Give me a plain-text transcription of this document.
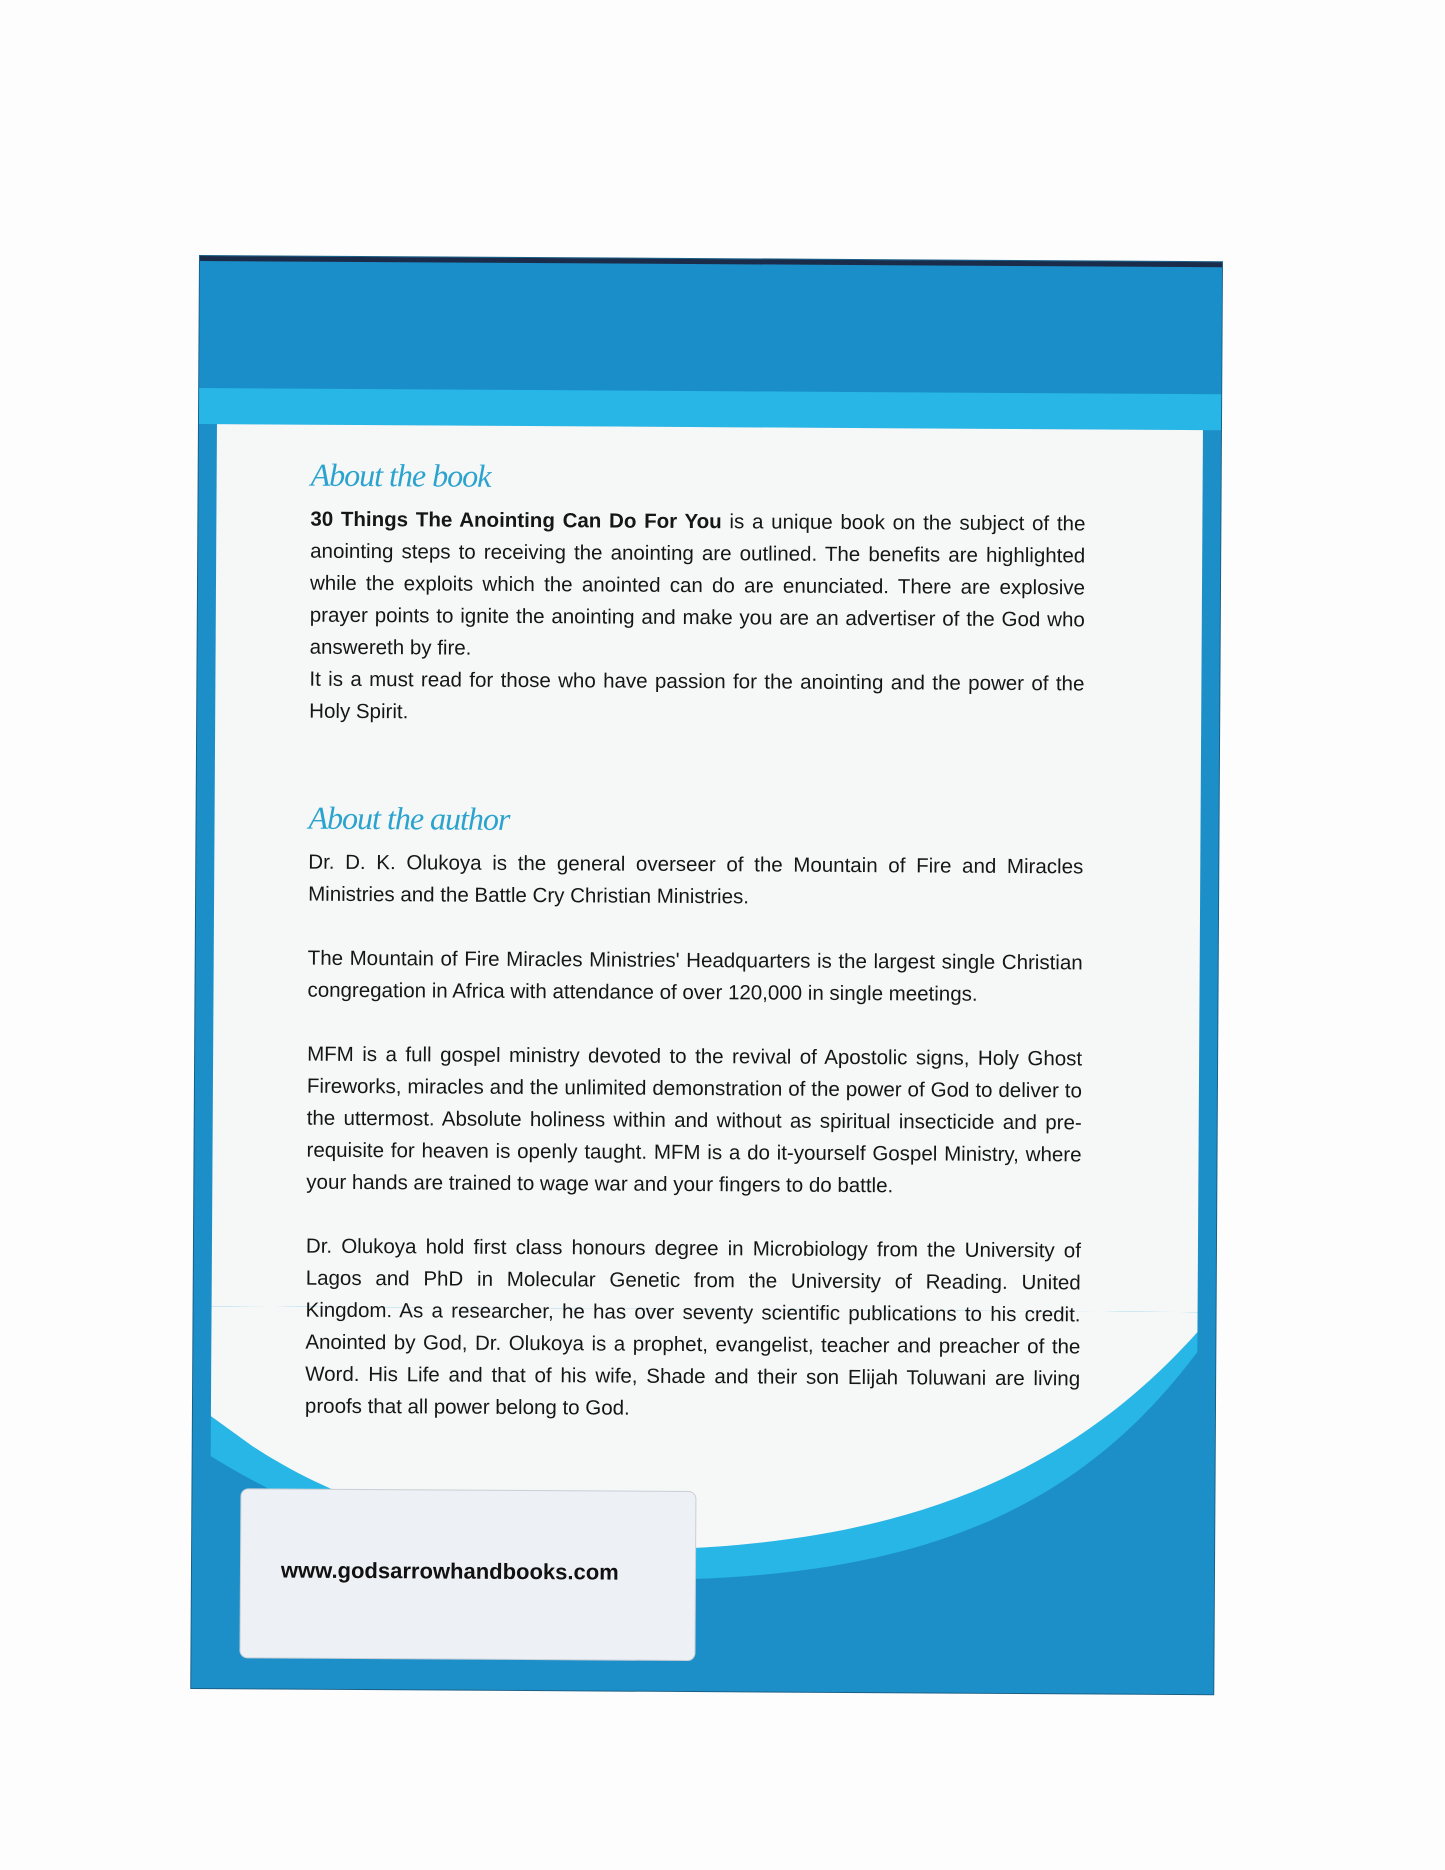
About the book

30 Things The Anointing Can Do For You is a unique book on the subject of the anointing steps to receiving the anointing are outlined. The benefits are highlighted while the exploits which the anointed can do are enunciated. There are explosive prayer points to ignite the anointing and make you are an advertiser of the God who answereth by fire.

It is a must read for those who have passion for the anointing and the power of the Holy Spirit.

About the author

Dr. D. K. Olukoya is the general overseer of the Mountain of Fire and Miracles Ministries and the Battle Cry Christian Ministries.

The Mountain of Fire Miracles Ministries' Headquarters is the largest single Christian congregation in Africa with attendance of over 120,000 in single meetings.

MFM is a full gospel ministry devoted to the revival of Apostolic signs, Holy Ghost Fireworks, miracles and the unlimited demonstration of the power of God to deliver to the uttermost. Absolute holiness within and without as spiritual insecticide and pre-requisite for heaven is openly taught. MFM is a do it-yourself Gospel Ministry, where your hands are trained to wage war and your fingers to do battle.

Dr. Olukoya hold first class honours degree in Microbiology from the University of Lagos and PhD in Molecular Genetic from the University of Reading. United Kingdom. As a researcher, he has over seventy scientific publications to his credit. Anointed by God, Dr. Olukoya is a prophet, evangelist, teacher and preacher of the Word. His Life and that of his wife, Shade and their son Elijah Toluwani are living proofs that all power belong to God.

www.godsarrowhandbooks.com
